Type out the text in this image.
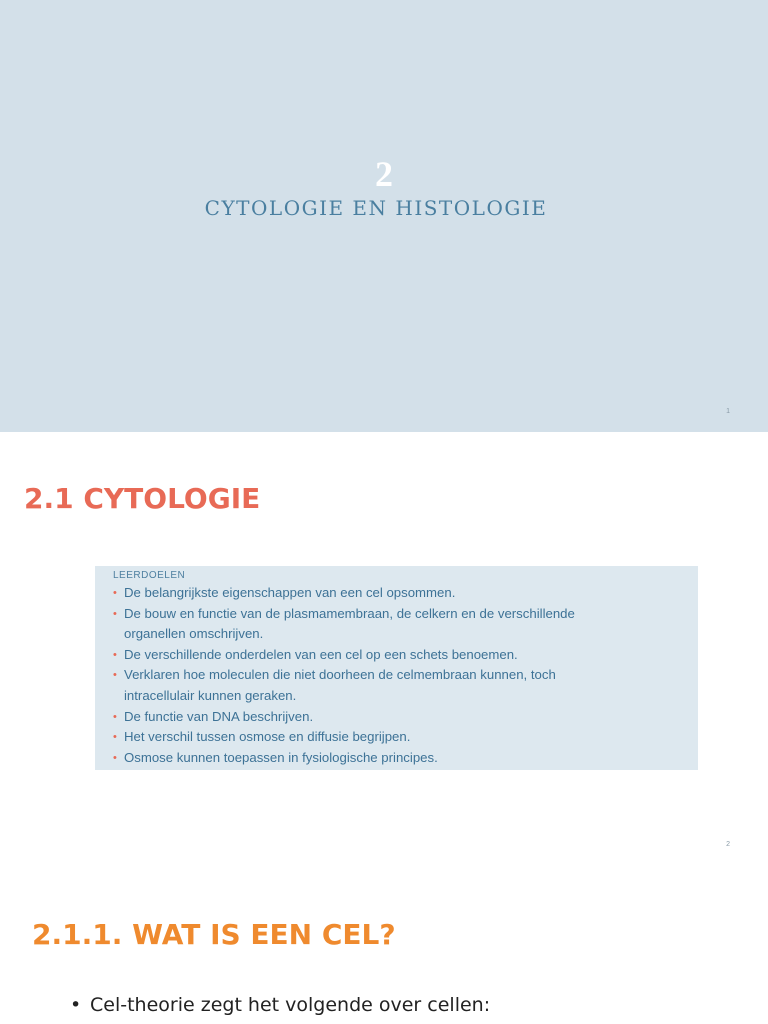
2
CYTOLOGIE EN HISTOLOGIE
1
2.1 CYTOLOGIE
LEERDOELEN
• De belangrijkste eigenschappen van een cel opsommen.
• De bouw en functie van de plasmamembraan, de celkern en de verschillende
organellen omschrijven.
• De verschillende onderdelen van een cel op een schets benoemen.
• Verklaren hoe moleculen die niet doorheen de celmembraan kunnen, toch
intracellulair kunnen geraken.
• De functie van DNA beschrijven.
• Het verschil tussen osmose en diffusie begrijpen.
• Osmose kunnen toepassen in fysiologische principes.
2
2.1.1. WAT IS EEN CEL?
• Cel-theorie zegt het volgende over cellen:
